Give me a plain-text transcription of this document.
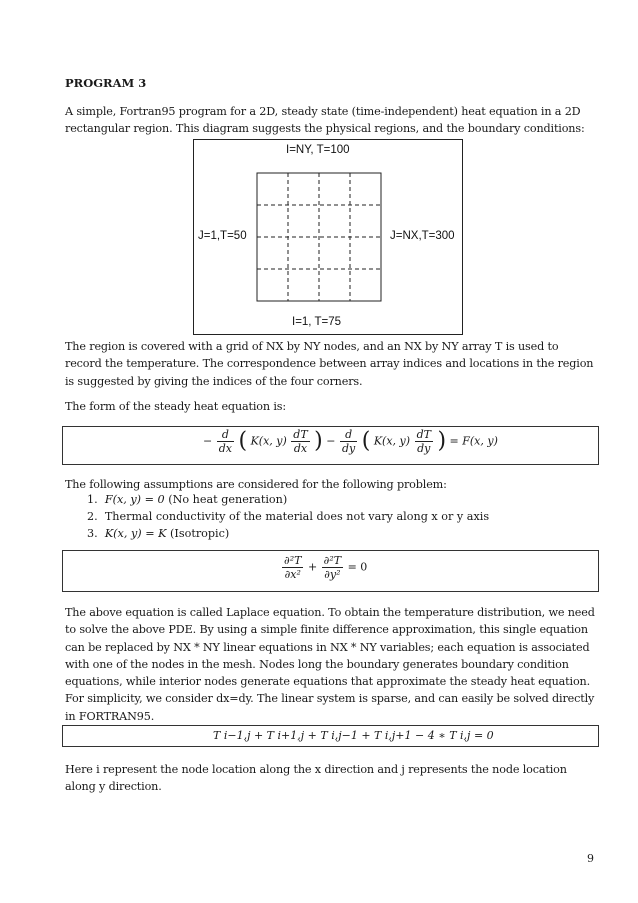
PROGRAM 3
A simple, Fortran95 program for a 2D, steady state (time-independent) heat equation in a 2D rectangular region. This diagram suggests the physical regions, and the boundary conditions:
I=NY, T=100
J=1,T=50	J=NX,T=300
I=1, T=75
The region is covered with a grid of NX by NY nodes, and an NX by NY array T is used to record the temperature. The correspondence between array indices and locations in the region is suggested by giving the indices of the four corners.
The form of the steady heat equation is:
− $\frac{d}{dx}$ ( K(x, $y) \frac{dT}{dx}$ ) − $\frac{d}{dy}$ ( K(x, $y) \frac{dT}{dy}$ ) = F(x, y)
The following assumptions are considered for the following problem:
1. F(x, y) = 0 (No heat generation)
2. Thermal conductivity of the material does not vary along x or y axis
3. K(x, y) = K (Isotropic)
$\frac{\text{∂²T}}{\text{∂x²}} + \frac{\text{∂²T}}{\text{∂y²}} = 0$
The above equation is called Laplace equation. To obtain the temperature distribution, we need to solve the above PDE. By using a simple finite difference approximation, this single equation can be replaced by NX * NY linear equations in NX * NY variables; each equation is associated with one of the nodes in the mesh. Nodes long the boundary generates boundary condition equations, while interior nodes generate equations that approximate the steady heat equation. For simplicity, we consider dx=dy. The linear system is sparse, and can easily be solved directly in FORTRAN95.
T i−1,j + T i+1,j + T i,j−1 + T i,j+1 − 4 ∗ T i,j = 0
Here i represent the node location along the x direction and j represents the node location along y direction.
9
